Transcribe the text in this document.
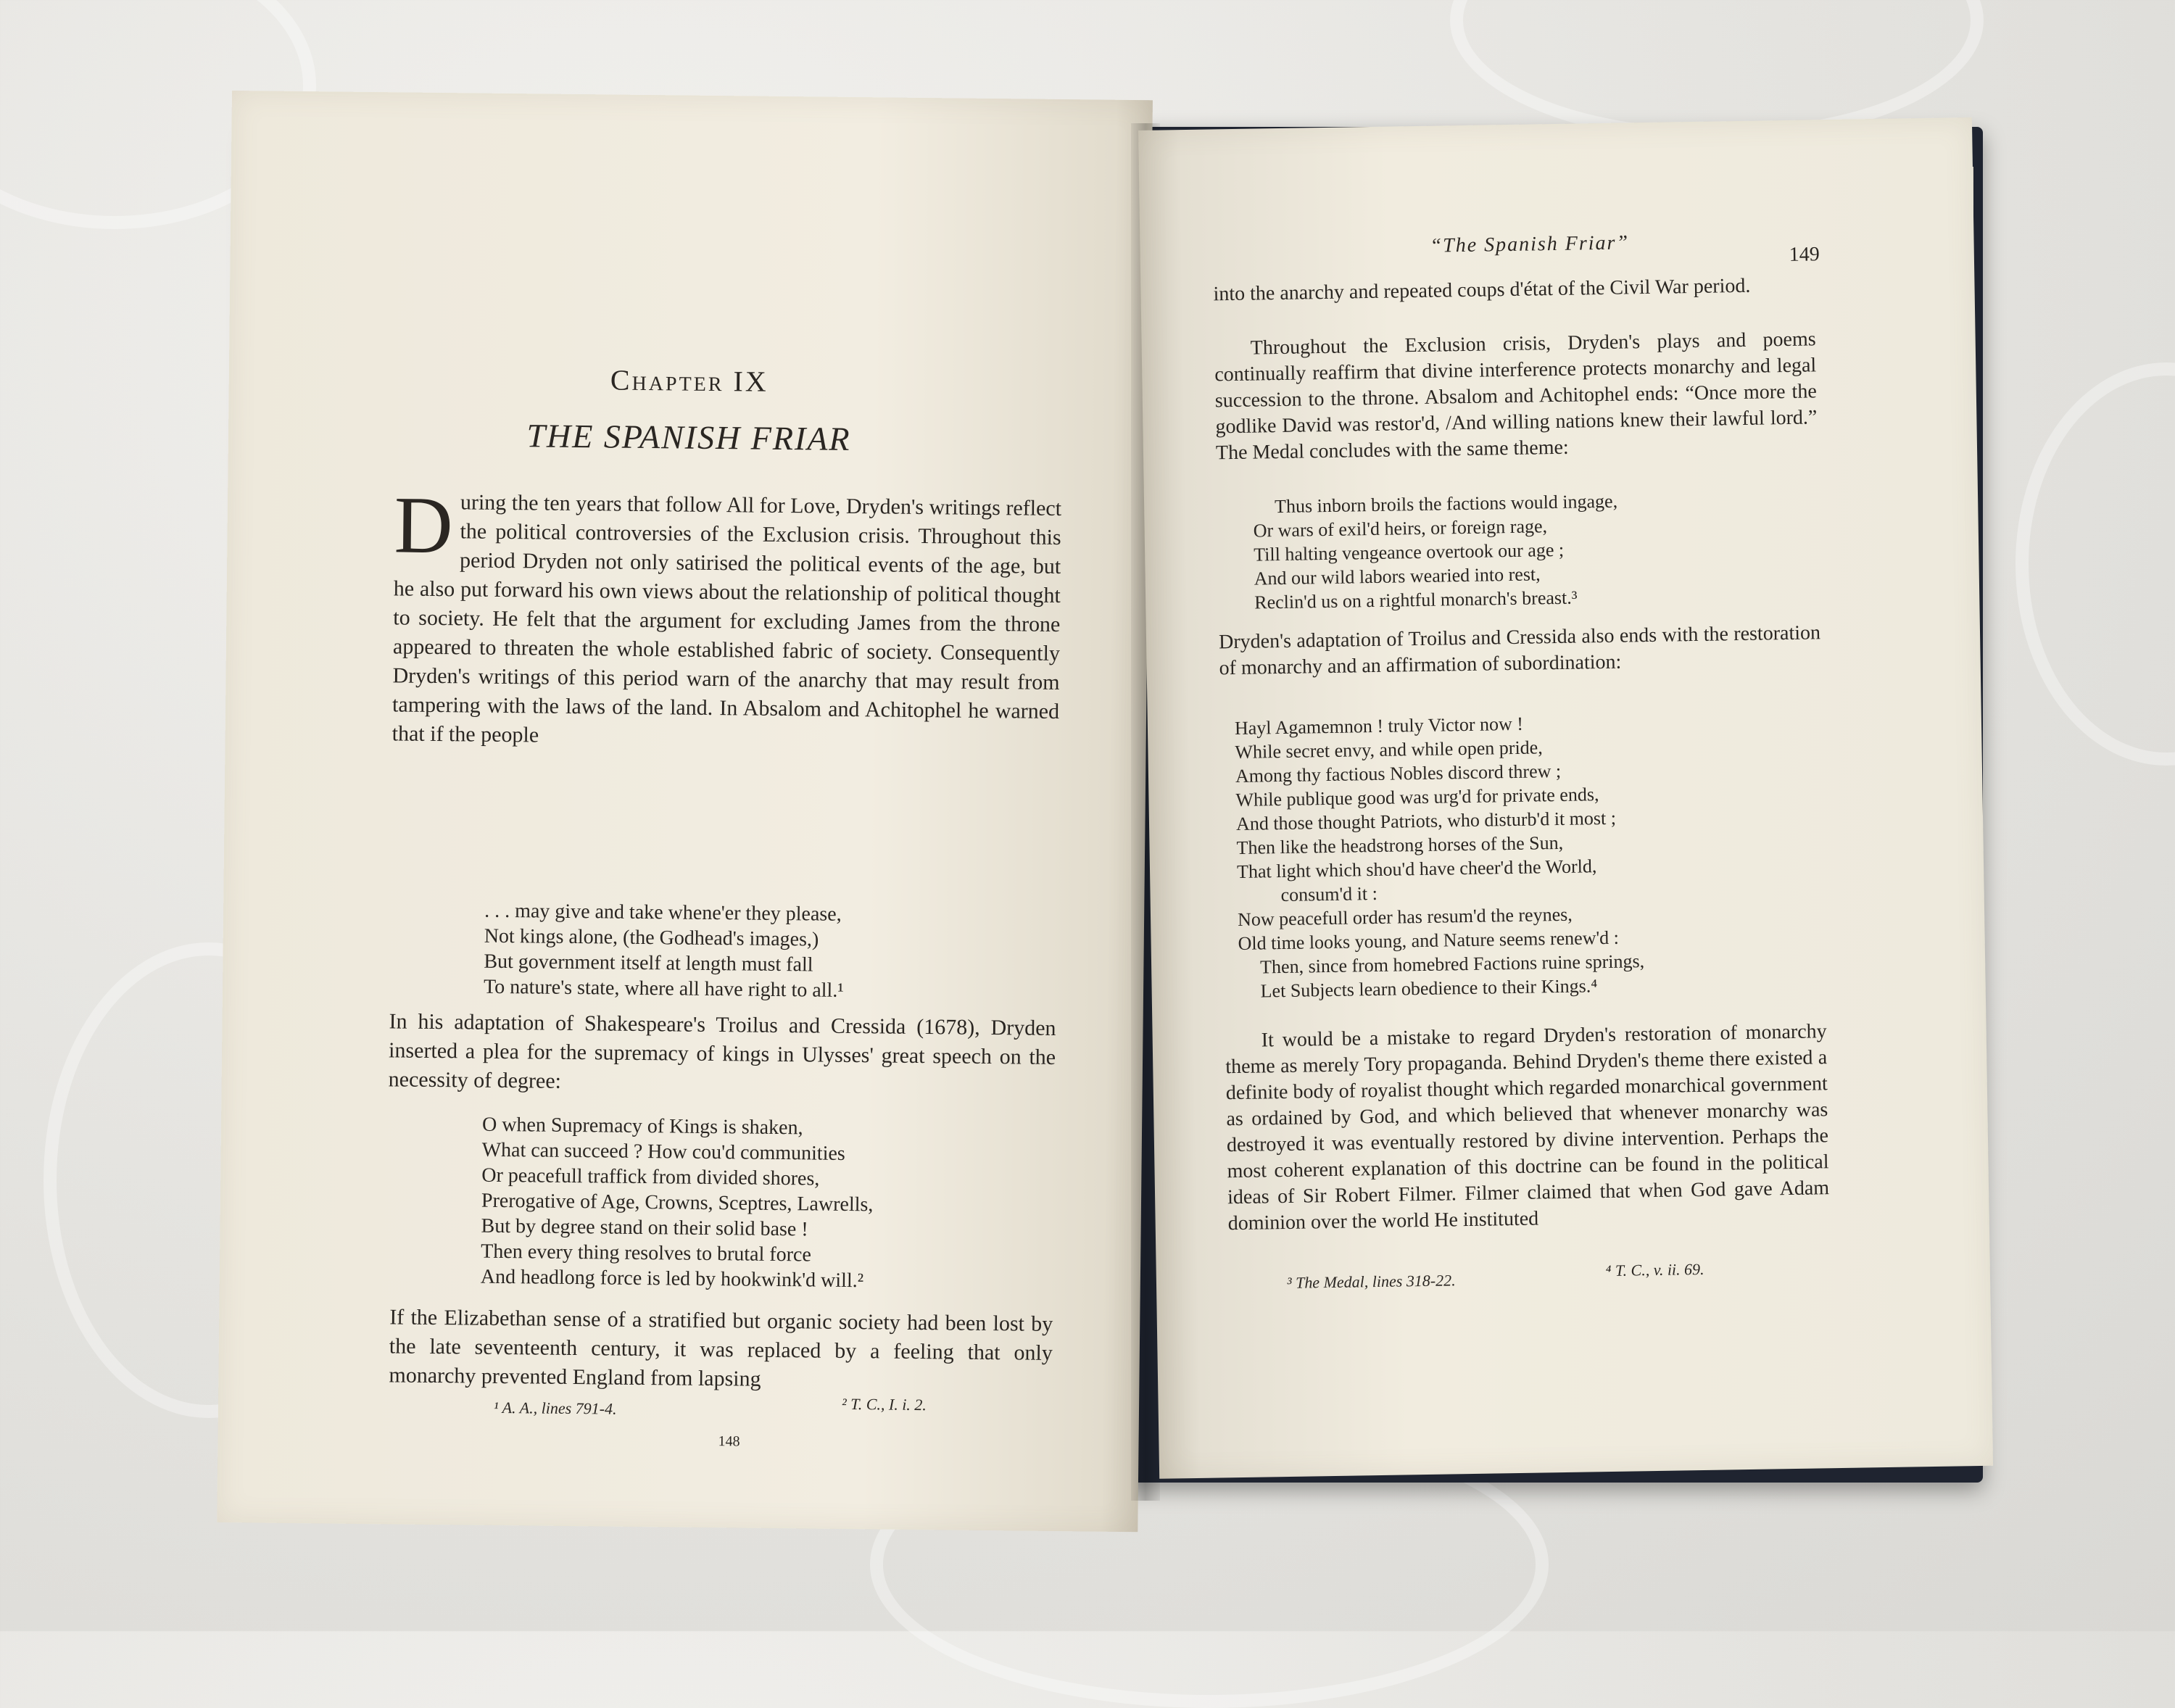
Chapter IX
THE SPANISH FRIAR
During the ten years that follow All for Love, Dryden's writings reflect the political controversies of the Exclusion crisis. Throughout this period Dryden not only satirised the political events of the age, but he also put forward his own views about the relationship of political thought to society. He felt that the argument for excluding James from the throne appeared to threaten the whole established fabric of society. Consequently Dryden's writings of this period warn of the anarchy that may result from tampering with the laws of the land. In Absalom and Achitophel he warned that if the people
. . . may give and take whene'er they please,
Not kings alone, (the Godhead's images,)
But government itself at length must fall
To nature's state, where all have right to all.¹
In his adaptation of Shakespeare's Troilus and Cressida (1678), Dryden inserted a plea for the supremacy of kings in Ulysses' great speech on the necessity of degree:
O when Supremacy of Kings is shaken,
What can succeed ? How cou'd communities
Or peacefull traffick from divided shores,
Prerogative of Age, Crowns, Sceptres, Lawrells,
But by degree stand on their solid base !
Then every thing resolves to brutal force
And headlong force is led by hookwink'd will.²
If the Elizabethan sense of a stratified but organic society had been lost by the late seventeenth century, it was replaced by a feeling that only monarchy prevented England from lapsing
¹ A. A., lines 791-4.	² T. C., I. i. 2.
148
“The Spanish Friar”	149
into the anarchy and repeated coups d'état of the Civil War period.
Throughout the Exclusion crisis, Dryden's plays and poems continually reaffirm that divine interference protects monarchy and legal succession to the throne. Absalom and Achitophel ends: “Once more the godlike David was restor'd, /And willing nations knew their lawful lord.” The Medal concludes with the same theme:
Thus inborn broils the factions would ingage,
Or wars of exil'd heirs, or foreign rage,
Till halting vengeance overtook our age ;
And our wild labors wearied into rest,
Reclin'd us on a rightful monarch's breast.³
Dryden's adaptation of Troilus and Cressida also ends with the restoration of monarchy and an affirmation of subordination:
Hayl Agamemnon ! truly Victor now !
While secret envy, and while open pride,
Among thy factious Nobles discord threw ;
While publique good was urg'd for private ends,
And those thought Patriots, who disturb'd it most ;
Then like the headstrong horses of the Sun,
That light which shou'd have cheer'd the World,
consum'd it :
Now peacefull order has resum'd the reynes,
Old time looks young, and Nature seems renew'd :
Then, since from homebred Factions ruine springs,
Let Subjects learn obedience to their Kings.⁴
It would be a mistake to regard Dryden's restoration of monarchy theme as merely Tory propaganda. Behind Dryden's theme there existed a definite body of royalist thought which regarded monarchical government as ordained by God, and which believed that whenever monarchy was destroyed it was eventually restored by divine intervention. Perhaps the most coherent explanation of this doctrine can be found in the political ideas of Sir Robert Filmer. Filmer claimed that when God gave Adam dominion over the world He instituted
³ The Medal, lines 318-22.
⁴ T. C., v. ii. 69.
